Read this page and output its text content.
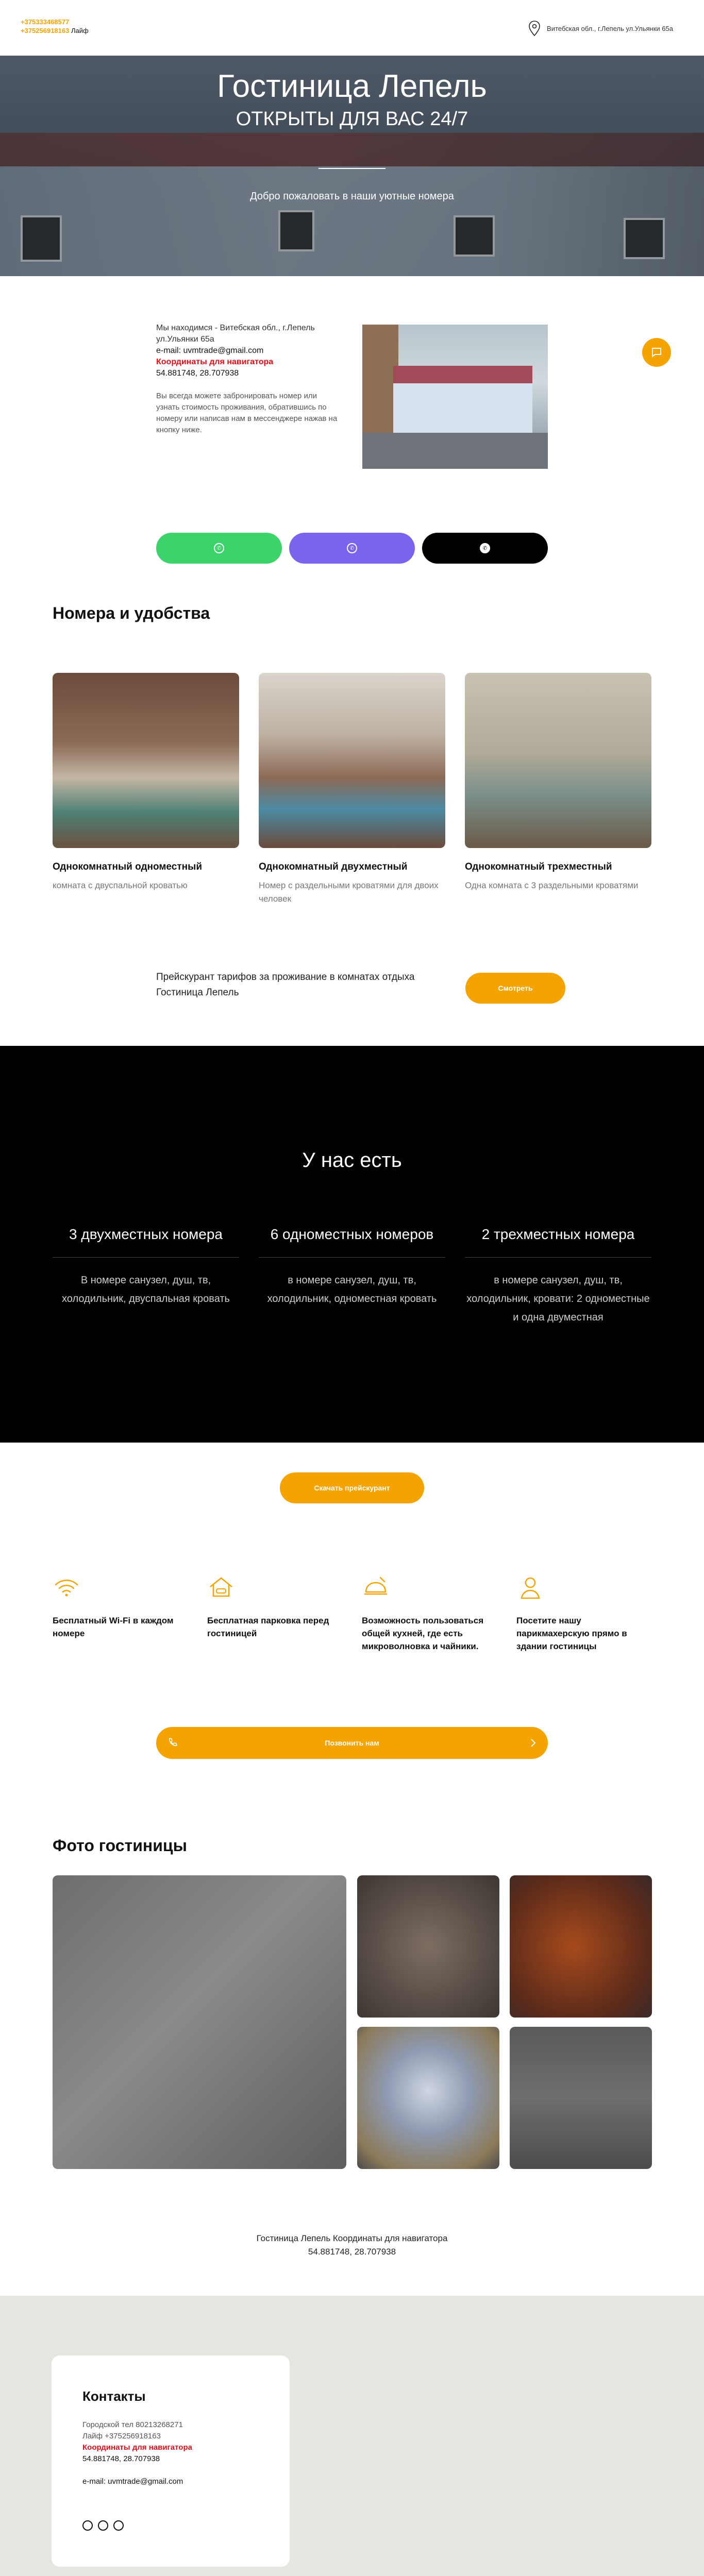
+375333468577
+375256918163 Лайф	Витебская обл., г.Лепель ул.Ульянки 65а
Гостиница Лепель
ОТКРЫТЫ ДЛЯ ВАС 24/7
Добро пожаловать в наши уютные номера
Мы находимся - Витебская обл., г.Лепель
ул.Ульянки 65а
e-mail: uvmtrade@gmail.com
Координаты для навигатора
54.881748, 28.707938
Вы всегда можете забронировать номер или узнать стоимость проживания, обратившись по номеру или написав нам в мессенджере нажав на кнопку ниже.
✆	✆	✆
Номера и удобства
Однокомнатный одноместный
комната с двуспальной кроватью
Однокомнатный двухместный
Номер с раздельными кроватями для двоих человек
Однокомнатный трехместный
Одна комната с 3 раздельными кроватями
Прейскурант тарифов за проживание в комнатах отдыха Гостиница Лепель	Смотреть
У нас есть
3 двухместных номера
В номере санузел, душ, тв, холодильник, двуспальная кровать
6 одноместных номеров
в номере санузел, душ, тв, холодильник, одноместная кровать
2 трехместных номера
в номере санузел, душ, тв, холодильник, кровати: 2 одноместные и одна двуместная
Скачать прейскурант
Бесплатный Wi-Fi в каждом номере
Бесплатная парковка перед гостиницей
Возможность пользоваться общей кухней, где есть микроволновка и чайники.
Посетите нашу парикмахерскую прямо в здании гостиницы
Позвонить нам
Фото гостиницы
Гостиница Лепель Координаты для навигатора
54.881748, 28.707938
Контакты
Городской тел 80213268271
Лайф +375256918163
Координаты для навигатора
54.881748, 28.707938
e-mail: uvmtrade@gmail.com
